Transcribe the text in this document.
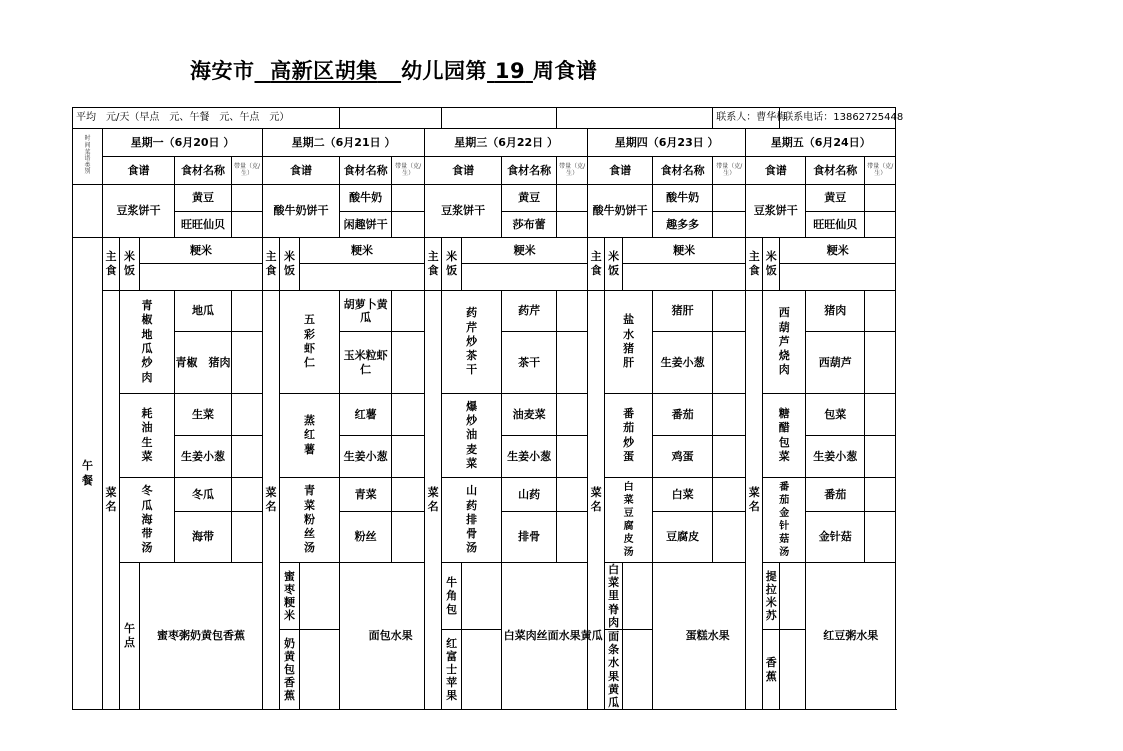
海安市 高新区胡集 幼儿园第 19 周食谱
平均　元/天（早点　元、午餐　元、午点　元）																				联系人：曹华梅			联系电话：13862725448			
时间菜谱类别	星期一（6月20日 ）					星期二（6月21日 ）					星期三（6月22日 ）					星期四（6月23日 ）					星期五（6月24日）					
	食谱			食材名称	带量（克/生）	食谱			食材名称	带量（克/生）	食谱			食材名称	带量（克/生）	食谱			食材名称	带量（克/生）	食谱			食材名称	带量（克/生）	
	豆浆饼干			黄豆		酸牛奶饼干			酸牛奶		豆浆饼干			黄豆		酸牛奶饼干			酸牛奶		豆浆饼干			黄豆		
				旺旺仙贝					闲趣饼干					莎布蕾					趣多多					旺旺仙贝		
午餐	主食	米饭	粳米			主食	米饭	粳米			主食	米饭	粳米			主食	米饭	粳米			主食	米饭	粳米			

	菜名	青椒地瓜炒肉		地瓜		菜名	五彩虾仁		胡萝卜黄瓜		菜名	药芹炒茶干		药芹		菜名	盐水猪肝		猪肝		菜名	西葫芦烧肉		猪肉		
				青椒　猪肉					玉米粒虾仁					茶干					生姜小葱					西葫芦		
		耗油生菜		生菜			蒸红薯		红薯			爆炒油麦菜		油麦菜			番茄炒蛋		番茄			糖醋包菜		包菜		
				生姜小葱					生姜小葱					生姜小葱					鸡蛋					生姜小葱		
		冬瓜海带汤		冬瓜			青菜粉丝汤		青菜			山药排骨汤		山药			白菜豆腐皮汤		白菜			番茄金针菇汤		番茄		
				海带					粉丝					排骨					豆腐皮					金针菇		
		午点	蜜枣粥奶黄包香蕉				蜜枣　粳米		面包水果			牛角包		白菜肉丝面水果黄瓜			白菜里脊肉		蛋糕水果			提拉米苏		红豆粥水果		
							奶黄包香蕉					红富士苹果					面条水果黄瓜					香蕉			
